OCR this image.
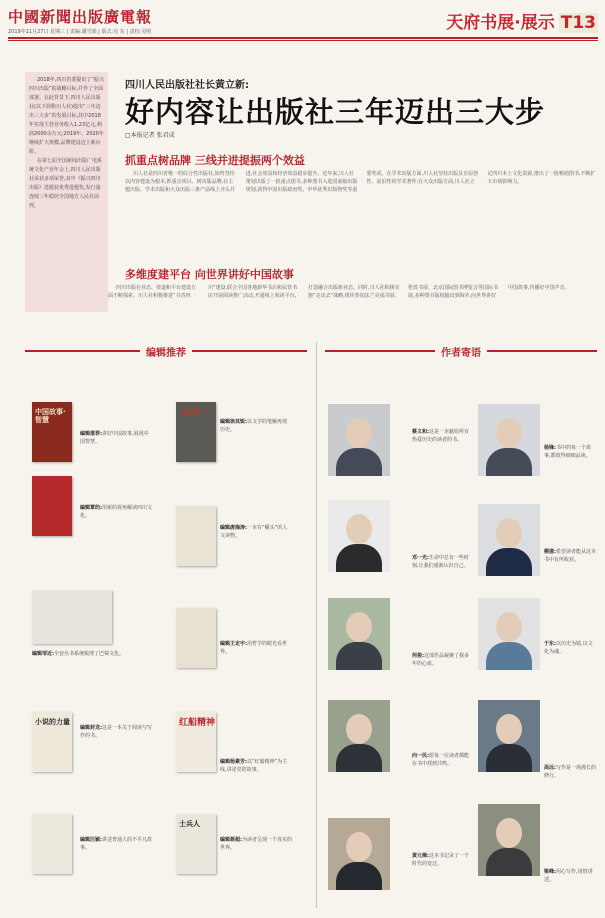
中國新聞出版廣電報	天府书展·展示 T13
2019年11月27日 星期三 | 责编:潘雪娟 | 版式:吴 东 | 责校:吴明

2018年,四川省委提出了“振兴四川出版”的战略目标,并作了全面部署。在此背景下,四川人民出版社(以下简称川人社)提出“三年迈出三大步”的发展目标,其中2018年实现主营业务收入1.23亿元,利润2000余万元;2019年、2020年继续扩大规模,品牌建设迈上新台阶。

在第七届全国新闻出版广电系统文化产业年会上,四川人民出版社荣获多项荣誉,其中《振兴四川出版》选题获优秀选题奖,发行量连续三年稳居全国地方人民社前列。

四川人民出版社社长黄立新:
好内容让出版社三年迈出三大步
□本报记者 张君成
抓重点树品牌 三线并进提振两个效益

川人社是四川省唯一的综合性出版社,始终坚持以内容建设为根本,抓重点项目、树出版品牌,在主题出版、学术出版和大众出版三条产品线上齐头并进,社会效益和经济效益稳步提升。近年来,川人社策划出版了一批重点图书,多种图书入选国家级出版规划,获得中国出版政府奖、中华优秀出版物奖等重要奖项。在学术出版方面,川人社坚持出版具有原创性、前沿性的学术著作;在大众出版方面,川人社立足四川本土文化资源,推出了一批畅销图书,不断扩大市场影响力。

多维度建平台 向世界讲好中国故事

四川出版在业态、渠道和平台建设方面不断探索。川人社积极推进“书香四川”建设,联合全国各地新华书店和民营书店开展阅读推广活动,开通线上阅读平台,打造融合出版新业态。同时,川人社积极实施“走出去”战略,组织参加法兰克福书展、伦敦书展、北京国际图书博览会等国际书展,多种图书版权输出到海外,向世界讲好中国故事,传播好中国声音。

编辑推荐	作者寄语
中国故事·智慧
编辑推荐:讲好中国故事,展现中国智慧。
编辑覃的:用新的视角解读四川文化。
编辑邹近:全套丛书系统梳理了巴蜀文化。
小说的力量
编辑封龙:这是一本关于阅读与写作的书。
编辑汪颖:讲述普通人的不平凡故事。
上甘岭
编辑徐其锐:以文学的笔触再现历史。
编辑唐海涛:一本有“嚼头”的人文读物。
编辑王定宇:用哲学的眼光看世界。
红船精神
编辑杨素芳:以“红船精神”为主线,讲述党的故事。
士兵人
编辑蒋超:为读者呈现一个真实的世界。
蔡义和:这是一本献给所有热爱历史的读者的书。
邓一光:生命中总有一些时刻,让我们重新认识自己。
何俊:这部作品凝聚了我多年的心血。
向一民:愿每一位读者都能在书中找到共鸣。
黄元樟:这本书记录了一个时代的变迁。
杨锋:书中的每一个故事,都值得细细品读。
柳滋:希望读者能从这本书中有所收获。
于东:以历史为镜,以文化为魂。
高远:写作是一场漫长的修行。
梁峰:用心写作,用情讲述。
